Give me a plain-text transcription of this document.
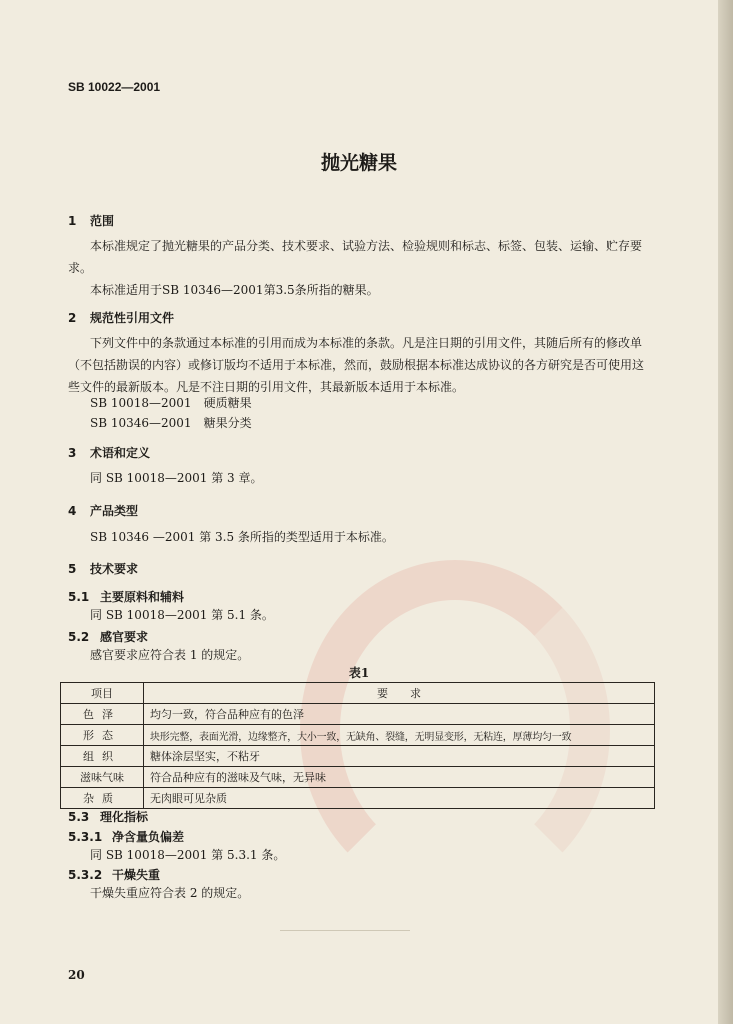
SB 10022—2001
抛光糖果
1 范围
本标准规定了抛光糖果的产品分类、技术要求、试验方法、检验规则和标志、标签、包装、运输、贮存要求。
本标准适用于SB 10346—2001第3.5条所指的糖果。
2 规范性引用文件
下列文件中的条款通过本标准的引用而成为本标准的条款。凡是注日期的引用文件，其随后所有的修改单（不包括勘误的内容）或修订版均不适用于本标准，然而，鼓励根据本标准达成协议的各方研究是否可使用这些文件的最新版本。凡是不注日期的引用文件，其最新版本适用于本标准。
SB 10018—2001　硬质糖果
SB 10346—2001　糖果分类
3 术语和定义
同 SB 10018—2001 第 3 章。
4 产品类型
SB 10346 —2001 第 3.5 条所指的类型适用于本标准。
5 技术要求
5.1 主要原料和辅料
同 SB 10018—2001 第 5.1 条。
5.2 感官要求
感官要求应符合表 1 的规定。
表1
项目	要　　求
色泽	均匀一致，符合品种应有的色泽
形态	块形完整，表面光滑，边缘整齐，大小一致，无缺角、裂缝，无明显变形，无粘连，厚薄均匀一致
组织	糖体涂层坚实，不粘牙
滋味气味	符合品种应有的滋味及气味，无异味
杂质	无肉眼可见杂质
5.3 理化指标
5.3.1 净含量负偏差
同 SB 10018—2001 第 5.3.1 条。
5.3.2 干燥失重
干燥失重应符合表 2 的规定。
20
